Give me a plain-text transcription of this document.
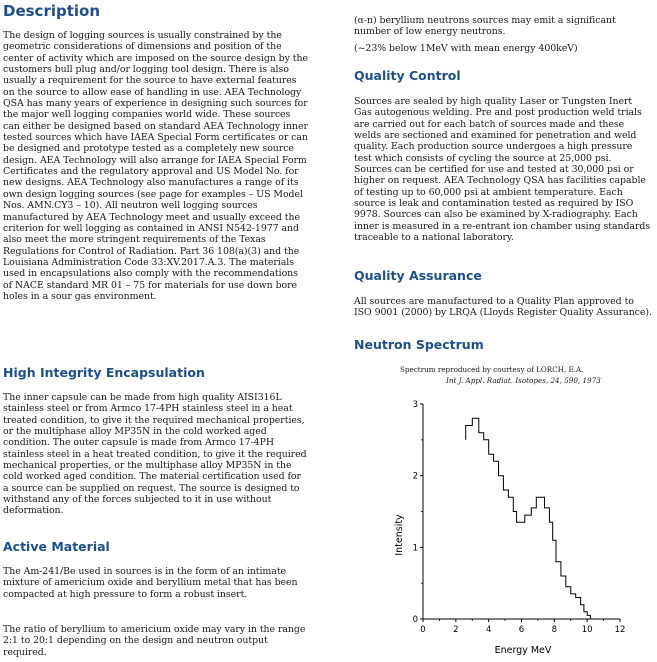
Description

The design of logging sources is usually constrained by the geometric considerations of dimensions and position of the center of activity which are imposed on the source design by the customers bull plug and/or logging tool design. There is also usually a requirement for the source to have external features on the source to allow ease of handling in use. AEA Technology QSA has many years of experience in designing such sources for the major well logging companies world wide. These sources can either be designed based on standard AEA Technology inner tested sources which have IAEA Special Form certificates or can be designed and prototype tested as a completely new source design. AEA Technology will also arrange for IAEA Special Form Certificates and the regulatory approval and US Model No. for new designs. AEA Technology also manufactures a range of its own design logging sources (see page for examples – US Model Nos. AMN.CY3 – 10). All neutron well logging sources manufactured by AEA Technology meet and usually exceed the criterion for well logging as contained in ANSI N542-1977 and also meet the more stringent requirements of the Texas Regulations for Control of Radiation. Part 36 108(a)(3) and the Louisiana Administration Code 33:XV.2017.A.3. The materials used in encapsulations also comply with the recommendations of NACE standard MR 01 – 75 for materials for use down bore holes in a sour gas environment.

High Integrity Encapsulation

The inner capsule can be made from high quality AISI316L stainless steel or from Armco 17-4PH stainless steel in a heat treated condition, to give it the required mechanical properties, or the multiphase alloy MP35N in the cold worked aged condition. The outer capsule is made from Armco 17-4PH stainless steel in a heat treated condition, to give it the required mechanical properties, or the multiphase alloy MP35N in the cold worked aged condition. The material certification used for a source can be supplied on request. The source is designed to withstand any of the forces subjected to it in use without deformation.

Active Material

The Am-241/Be used in sources is in the form of an intimate mixture of americium oxide and beryllium metal that has been compacted at high pressure to form a robust insert.

The ratio of beryllium to americium oxide may vary in the range 2:1 to 20:1 depending on the design and neutron output required.

(α-n) beryllium neutrons sources may emit a significant number of low energy neutrons.

(~23% below 1MeV with mean energy 400keV)

Quality Control

Sources are sealed by high quality Laser or Tungsten Inert Gas autogenous welding. Pre and post production weld trials are carried out for each batch of sources made and these welds are sectioned and examined for penetration and weld quality. Each production source undergoes a high pressure test which consists of cycling the source at 25,000 psi. Sources can be certified for use and tested at 30,000 psi or higher on request. AEA Technology QSA has facilities capable of testing up to 60,000 psi at ambient temperature. Each source is leak and contamination tested as required by ISO 9978. Sources can also be examined by X-radiography. Each inner is measured in a re-entrant ion chamber using standards traceable to a national laboratory.

Quality Assurance

All sources are manufactured to a Quality Plan approved to ISO 9001 (2000) by LRQA (Lloyds Register Quality Assurance).

Neutron Spectrum
Spectrum reproduced by courtesy of LORCH, E.A.
Int J. Appl. Radiat. Isotopes, 24, 590, 1973
0	2	4	6	8	10	12
0
1
2
3
Intensity
Energy MeV
